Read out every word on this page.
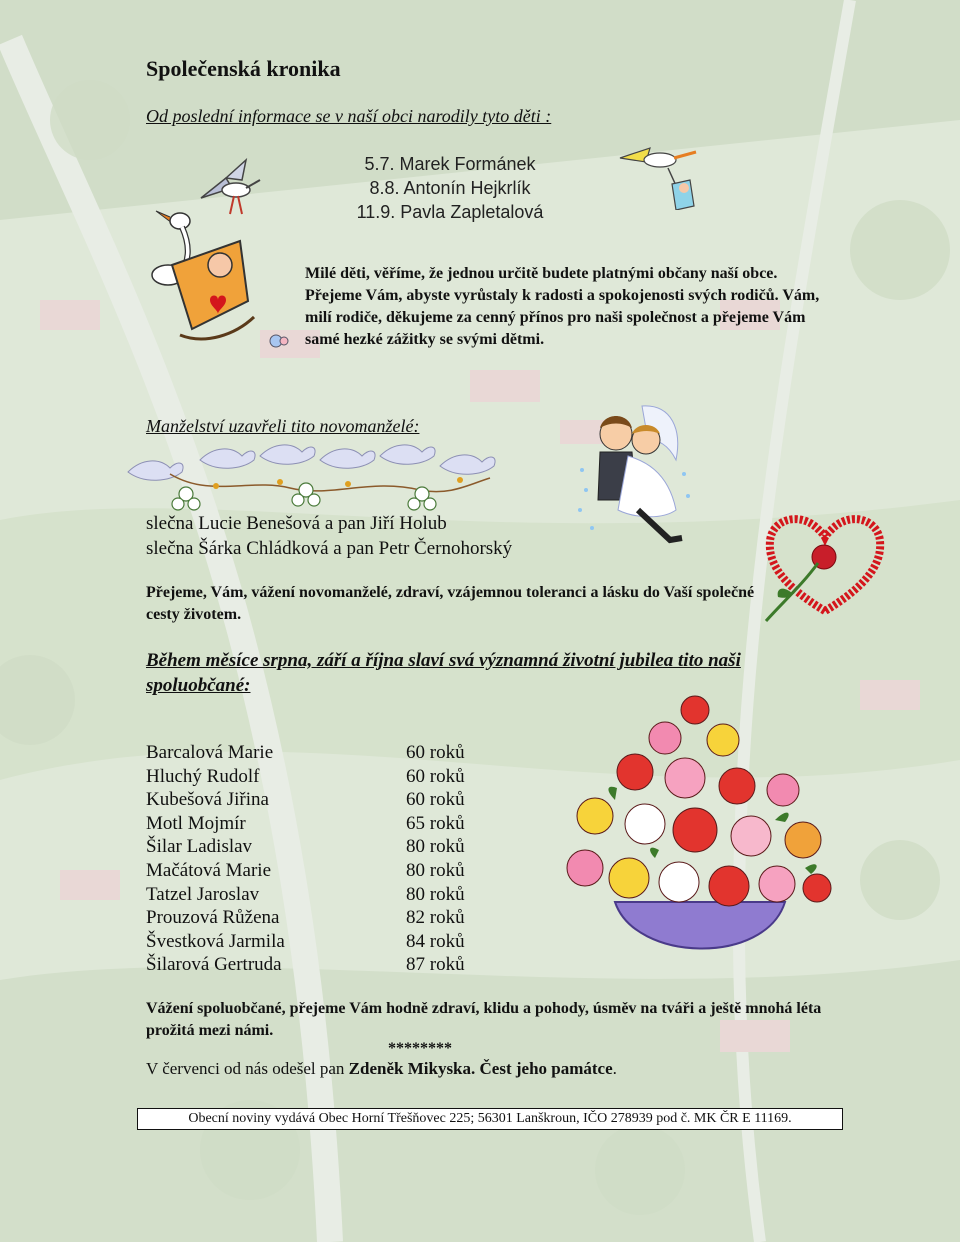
Společenská kronika
Od poslední informace se v naší obci narodily tyto děti :
5.7. Marek Formánek
8.8. Antonín Hejkrlík
11.9. Pavla Zapletalová
Milé děti, věříme, že jednou určitě budete platnými občany naší obce. Přejeme Vám, abyste vyrůstaly k radosti a spokojenosti svých rodičů. Vám, milí rodiče, děkujeme za cenný přínos pro naši společnost a přejeme Vám samé hezké zážitky se svými dětmi.
Manželství uzavřeli tito novomanželé:
slečna Lucie Benešová a pan Jiří Holub
slečna Šárka Chládková a pan Petr Černohorský
Přejeme, Vám, vážení novomanželé, zdraví, vzájemnou toleranci a lásku do Vaší společné cesty životem.
Během měsíce srpna, září a října slaví svá významná životní jubilea tito naši spoluobčané:
Barcalová Marie	60 roků
Hluchý Rudolf	60 roků
Kubešová Jiřina	60 roků
Motl Mojmír	65 roků
Šilar Ladislav	80 roků
Mačátová Marie	80 roků
Tatzel Jaroslav	80 roků
Prouzová Růžena	82 roků
Švestková Jarmila	84 roků
Šilarová Gertruda	87 roků
Vážení spoluobčané, přejeme Vám hodně zdraví, klidu a pohody, úsměv na tváři a ještě mnohá léta prožitá mezi námi.
********
V červenci od nás odešel pan Zdeněk Mikyska. Čest jeho památce.
Obecní noviny vydává Obec Horní Třešňovec 225; 56301 Lanškroun, IČO 278939 pod č. MK ČR E 11169.
